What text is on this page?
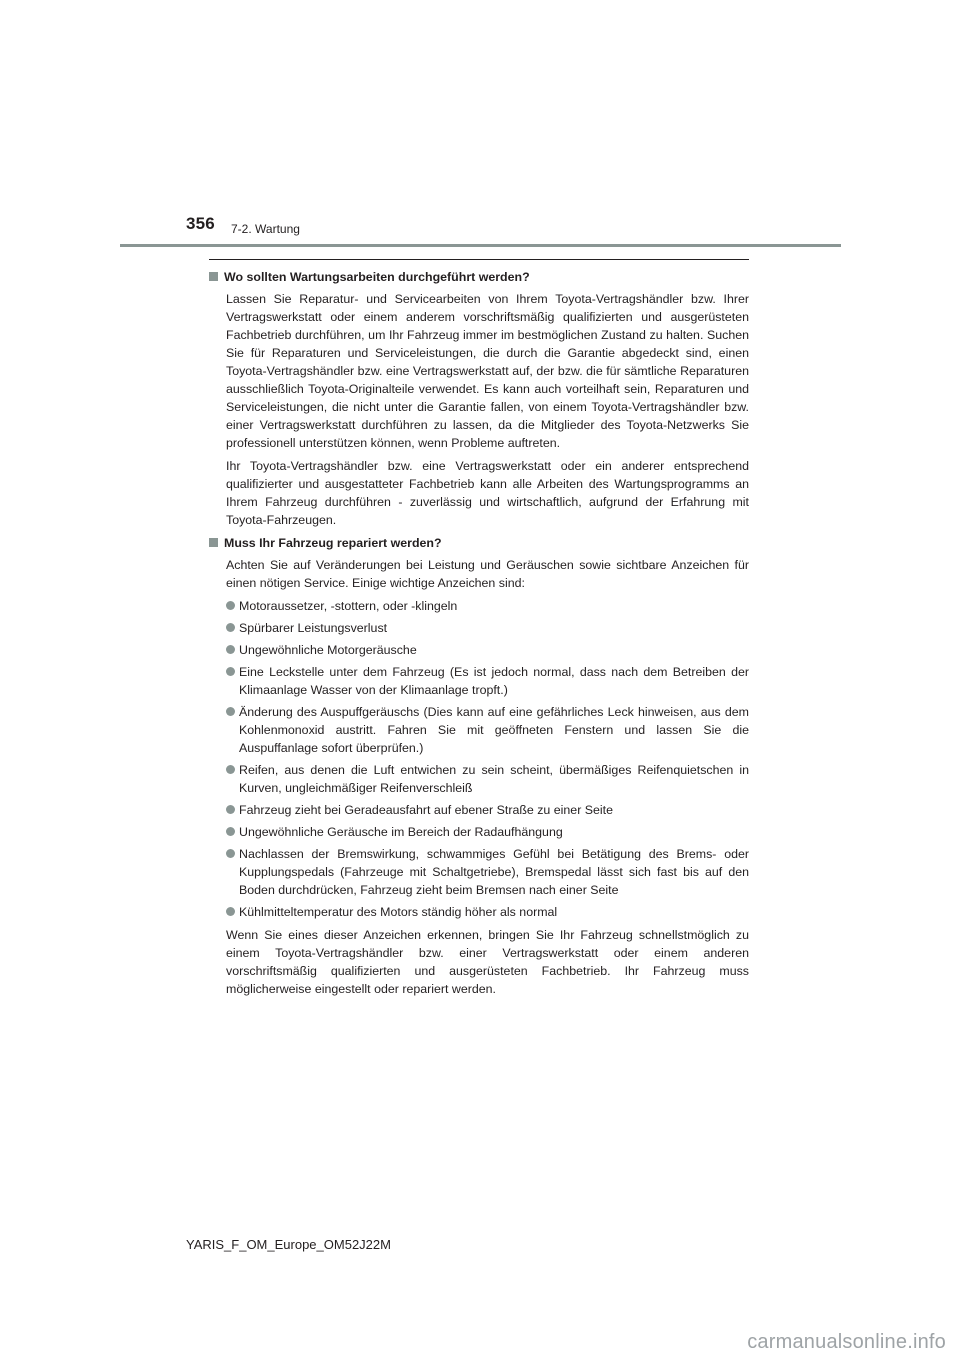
356 7-2. Wartung
Wo sollten Wartungsarbeiten durchgeführt werden?

Lassen Sie Reparatur- und Servicearbeiten von Ihrem Toyota-Vertragshändler bzw. Ihrer Vertragswerkstatt oder einem anderem vorschriftsmäßig qualifizierten und ausgerüsteten Fachbetrieb durchführen, um Ihr Fahrzeug immer im bestmöglichen Zustand zu halten. Suchen Sie für Reparaturen und Serviceleistungen, die durch die Garantie abgedeckt sind, einen Toyota-Vertragshändler bzw. eine Vertragswerkstatt auf, der bzw. die für sämtliche Reparaturen ausschließlich Toyota-Originalteile verwendet. Es kann auch vorteilhaft sein, Reparaturen und Serviceleistungen, die nicht unter die Garantie fallen, von einem Toyota-Vertragshändler bzw. einer Vertragswerkstatt durchführen zu lassen, da die Mitglieder des Toyota-Netzwerks Sie professionell unterstützen können, wenn Probleme auftreten.

Ihr Toyota-Vertragshändler bzw. eine Vertragswerkstatt oder ein anderer entsprechend qualifizierter und ausgestatteter Fachbetrieb kann alle Arbeiten des Wartungsprogramms an Ihrem Fahrzeug durchführen - zuverlässig und wirtschaftlich, aufgrund der Erfahrung mit Toyota-Fahrzeugen.

Muss Ihr Fahrzeug repariert werden?

Achten Sie auf Veränderungen bei Leistung und Geräuschen sowie sichtbare Anzeichen für einen nötigen Service. Einige wichtige Anzeichen sind:

Motoraussetzer, -stottern, oder -klingeln
Spürbarer Leistungsverlust
Ungewöhnliche Motorgeräusche
Eine Leckstelle unter dem Fahrzeug (Es ist jedoch normal, dass nach dem Betreiben der Klimaanlage Wasser von der Klimaanlage tropft.)
Änderung des Auspuffgeräuschs (Dies kann auf eine gefährliches Leck hinweisen, aus dem Kohlenmonoxid austritt. Fahren Sie mit geöffneten Fenstern und lassen Sie die Auspuffanlage sofort überprüfen.)
Reifen, aus denen die Luft entwichen zu sein scheint, übermäßiges Reifenquietschen in Kurven, ungleichmäßiger Reifenverschleiß
Fahrzeug zieht bei Geradeausfahrt auf ebener Straße zu einer Seite
Ungewöhnliche Geräusche im Bereich der Radaufhängung
Nachlassen der Bremswirkung, schwammiges Gefühl bei Betätigung des Brems- oder Kupplungspedals (Fahrzeuge mit Schaltgetriebe), Bremspedal lässt sich fast bis auf den Boden durchdrücken, Fahrzeug zieht beim Bremsen nach einer Seite
Kühlmitteltemperatur des Motors ständig höher als normal

Wenn Sie eines dieser Anzeichen erkennen, bringen Sie Ihr Fahrzeug schnellstmöglich zu einem Toyota-Vertragshändler bzw. einer Vertragswerkstatt oder einem anderen vorschriftsmäßig qualifizierten und ausgerüsteten Fachbetrieb. Ihr Fahrzeug muss möglicherweise eingestellt oder repariert werden.

YARIS_F_OM_Europe_OM52J22M
carmanualsonline.info
